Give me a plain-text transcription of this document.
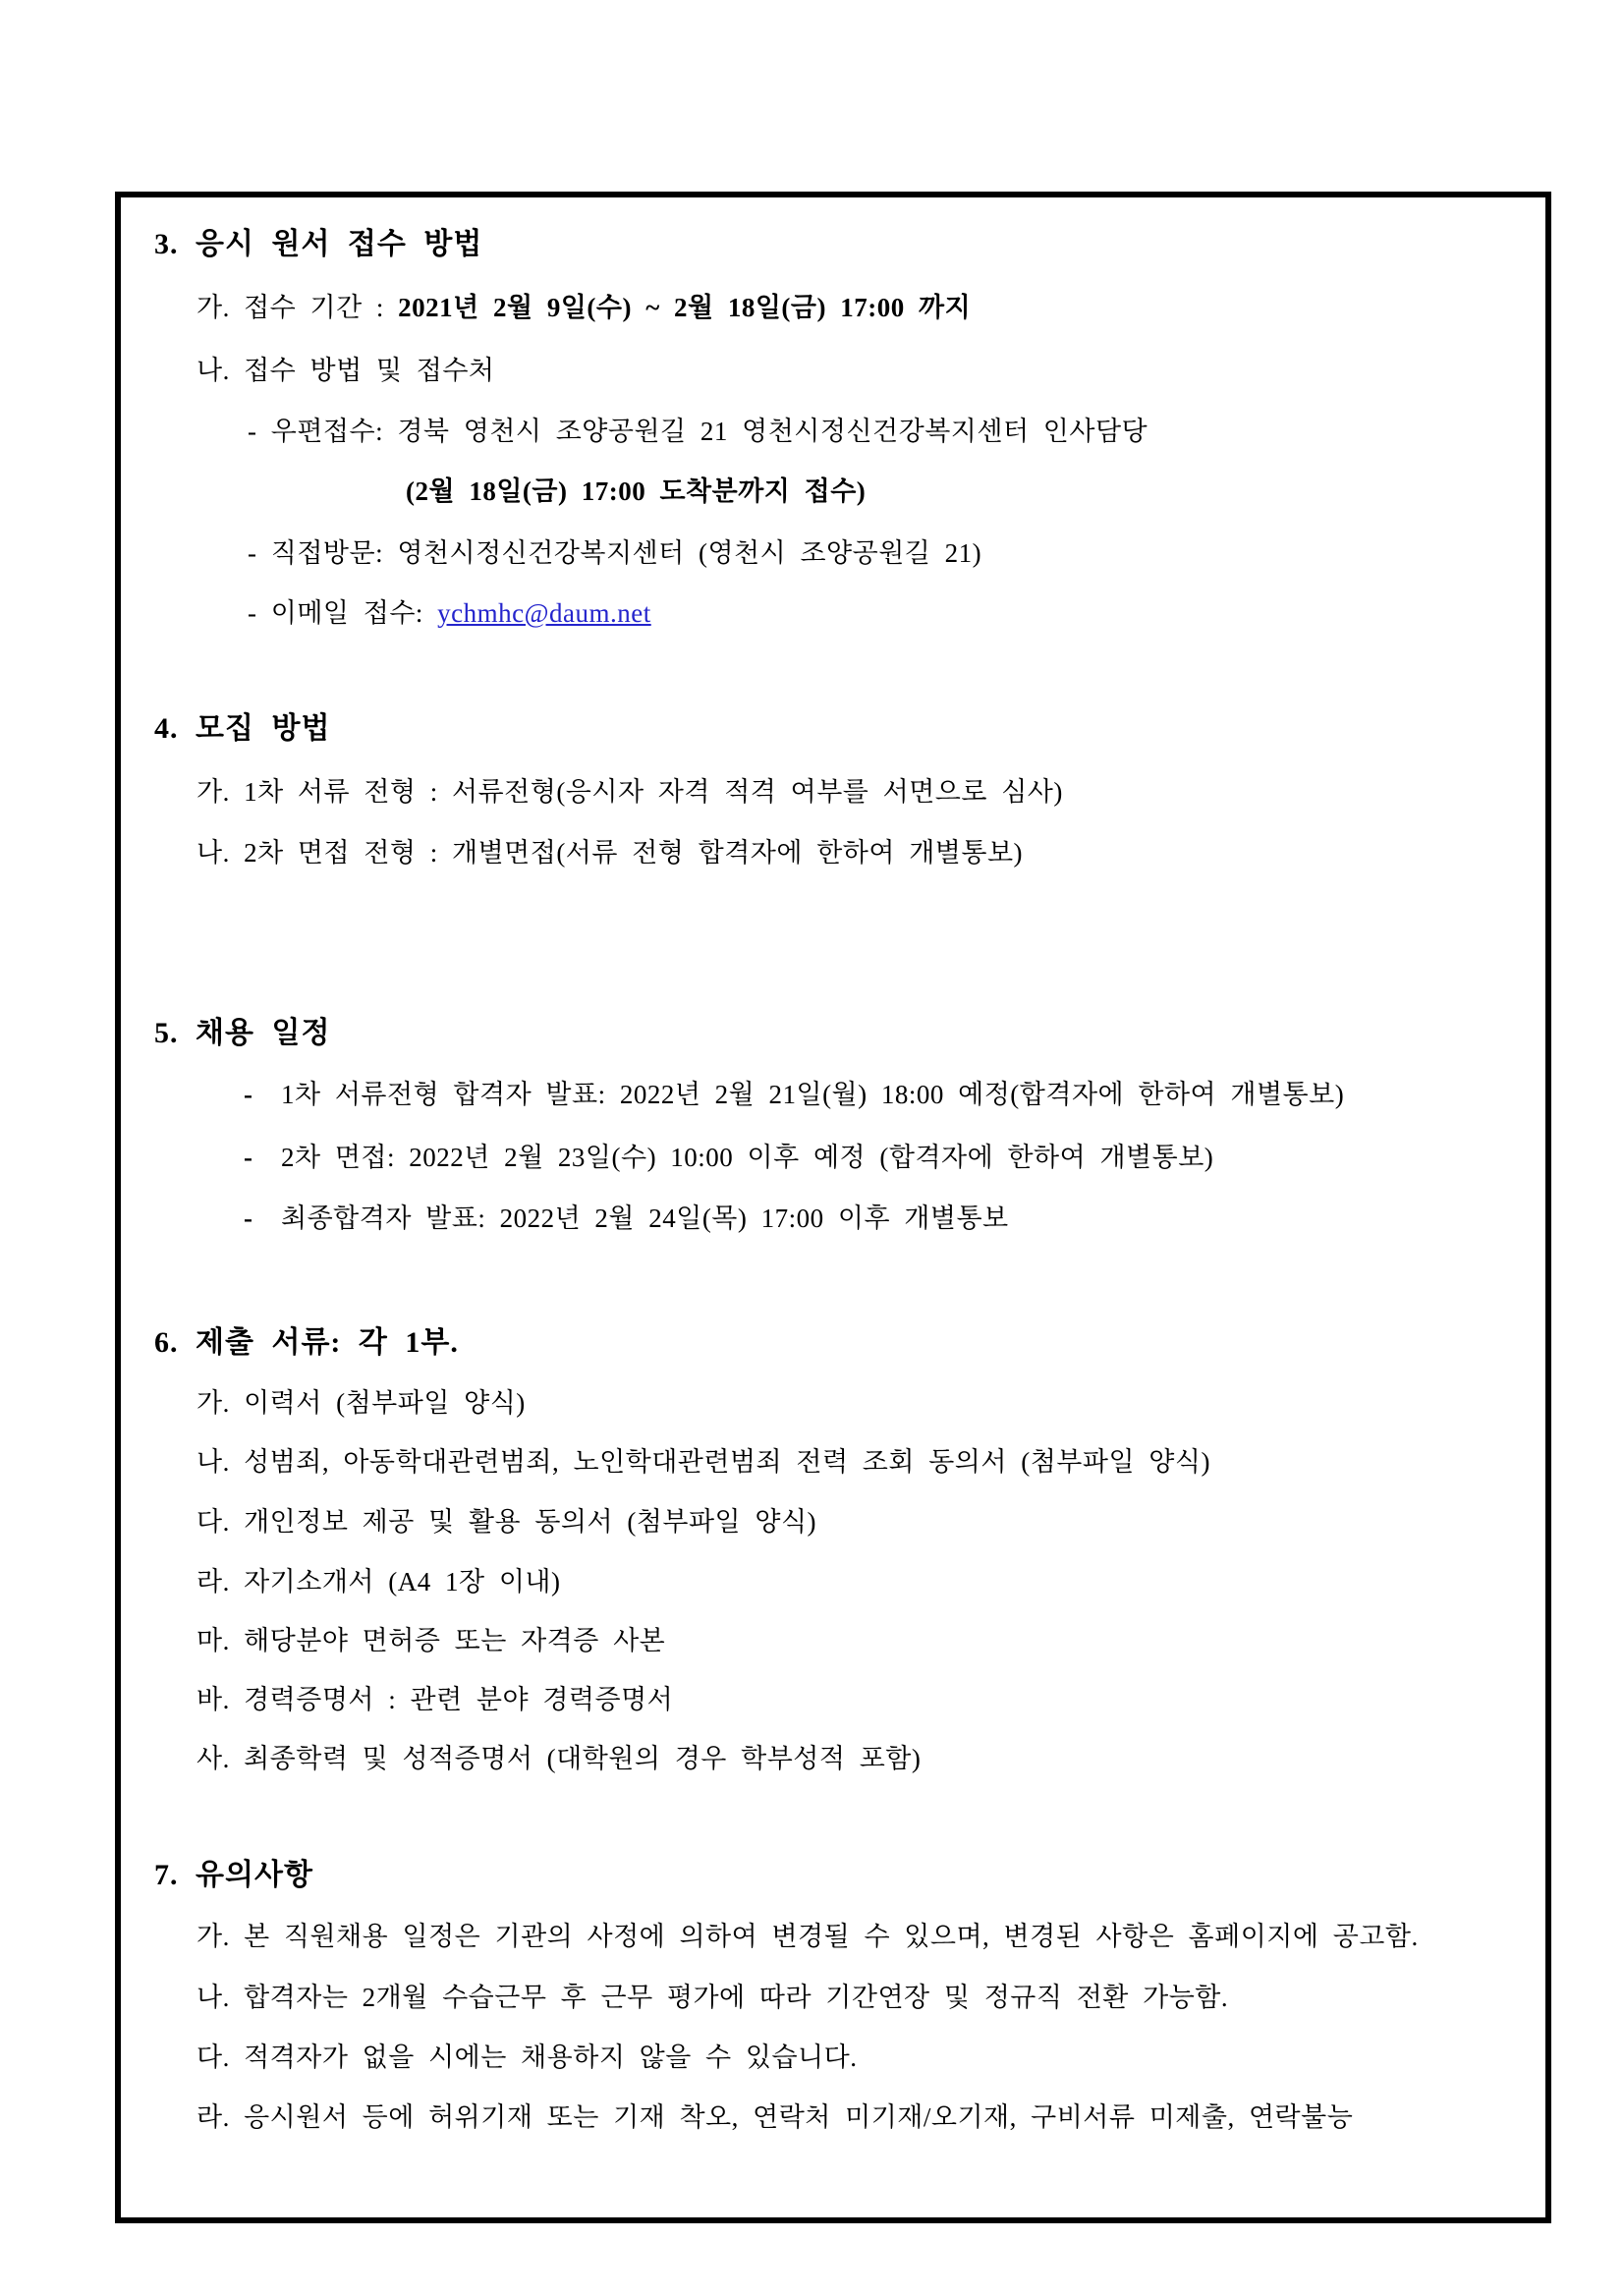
3. 응시 원서 접수 방법
가. 접수 기간 : 2021년 2월 9일(수) ~ 2월 18일(금) 17:00 까지
나. 접수 방법 및 접수처
- 우편접수: 경북 영천시 조양공원길 21 영천시정신건강복지센터 인사담당
(2월 18일(금) 17:00 도착분까지 접수)
- 직접방문: 영천시정신건강복지센터 (영천시 조양공원길 21)
- 이메일 접수: ychmhc@daum.net
4. 모집 방법
가. 1차 서류 전형 : 서류전형(응시자 자격 적격 여부를 서면으로 심사)
나. 2차 면접 전형 : 개별면접(서류 전형 합격자에 한하여 개별통보)
5. 채용 일정
- 1차 서류전형 합격자 발표: 2022년 2월 21일(월) 18:00 예정(합격자에 한하여 개별통보)
- 2차 면접: 2022년 2월 23일(수) 10:00 이후 예정 (합격자에 한하여 개별통보)
- 최종합격자 발표: 2022년 2월 24일(목) 17:00 이후 개별통보
6. 제출 서류: 각 1부.
가. 이력서 (첨부파일 양식)
나. 성범죄, 아동학대관련범죄, 노인학대관련범죄 전력 조회 동의서 (첨부파일 양식)
다. 개인정보 제공 및 활용 동의서 (첨부파일 양식)
라. 자기소개서 (A4 1장 이내)
마. 해당분야 면허증 또는 자격증 사본
바. 경력증명서 : 관련 분야 경력증명서
사. 최종학력 및 성적증명서 (대학원의 경우 학부성적 포함)
7. 유의사항
가. 본 직원채용 일정은 기관의 사정에 의하여 변경될 수 있으며, 변경된 사항은 홈페이지에 공고함.
나. 합격자는 2개월 수습근무 후 근무 평가에 따라 기간연장 및 정규직 전환 가능함.
다. 적격자가 없을 시에는 채용하지 않을 수 있습니다.
라. 응시원서 등에 허위기재 또는 기재 착오, 연락처 미기재/오기재, 구비서류 미제출, 연락불능
